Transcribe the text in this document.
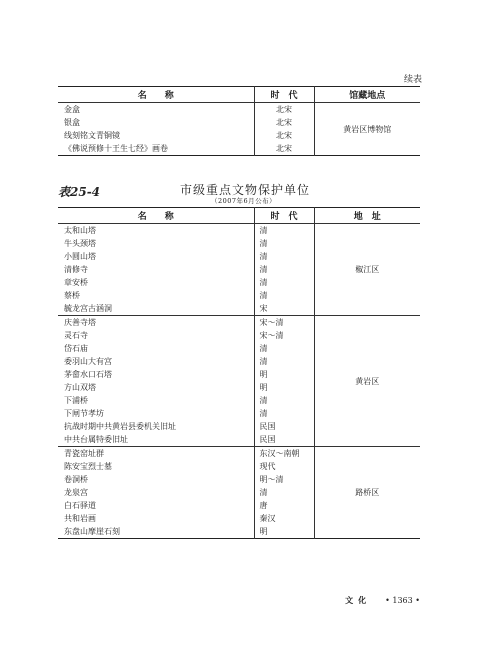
续表
名　　称	时　代	馆藏地点
金盒	北宋	黄岩区博物馆
银盒	北宋	
线刻铭文青铜镜	北宋	
《佛说预修十王生七经》画卷	北宋	
表25-4	市级重点文物保护单位
（2007年6月公布）
名　　称	时　代	地　址
太和山塔	清	椒江区
牛头颈塔	清	
小圆山塔	清	
清修寺	清	
章安桥	清	
蔡桥	清	
毓龙宫古涵洞	宋	
庆善寺塔	宋～清	黄岩区
灵石寺	宋～清	
岱石庙	清	
委羽山大有宫	清	
茅畲水口石塔	明	
方山双塔	明	
下浦桥	清	
下闸节孝坊	清	
抗战时期中共黄岩县委机关旧址	民国	
中共台属特委旧址	民国	
青瓷窑址群	东汉～南朝	路桥区
陈安宝烈士墓	现代	
卷洞桥	明～清	
龙泉宫	清	
白石驿道	唐	
共和岩画	秦汉	
东盘山摩崖石刻	明	
文化 • 1363 •
